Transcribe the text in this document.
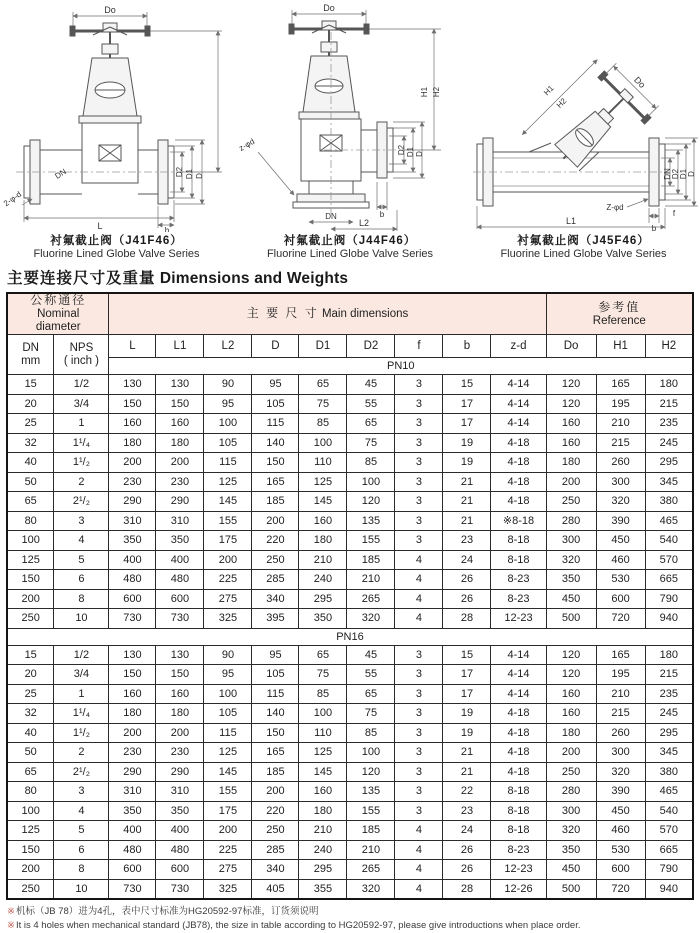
Do
D2 D1 D
DN
L	b
2-φ-d
衬氟截止阀（J41F46）
Fluorine Lined Globe Valve Series
Do
H1 H2
D2 D1 D
z-φd
DN	b
L2
衬氟截止阀（J44F46）
Fluorine Lined Globe Valve Series
Do
H1
H2
DN D2 D1 D
Z-φd
f
b
L1
衬氟截止阀（J45F46）
Fluorine Lined Globe Valve Series
主要连接尺寸及重量 Dimensions and Weights
公称通径
Nominal
diameter		主 要 尺 寸 Main dimensions									参考值
Reference		

DN
mm	NPS
( inch )	L	L1	L2	D	D1	D2	f	b	z-d	Do	H1	H2
		PN10											
15	1/2	130	130	90	95	65	45	3	15	4-14	120	165	180
20	3/4	150	150	95	105	75	55	3	17	4-14	120	195	215
25	1	160	160	100	115	85	65	3	17	4-14	160	210	235
32	1¹/₄	180	180	105	140	100	75	3	19	4-18	160	215	245
40	1¹/₂	200	200	115	150	110	85	3	19	4-18	180	260	295
50	2	230	230	125	165	125	100	3	21	4-18	200	300	345
65	2¹/₂	290	290	145	185	145	120	3	21	4-18	250	320	380
80	3	310	310	155	200	160	135	3	21	※8-18	280	390	465
100	4	350	350	175	220	180	155	3	23	8-18	300	450	540
125	5	400	400	200	250	210	185	4	24	8-18	320	460	570
150	6	480	480	225	285	240	210	4	26	8-23	350	530	665
200	8	600	600	275	340	295	265	4	26	8-23	450	600	790
250	10	730	730	325	395	350	320	4	28	12-23	500	720	940
PN16													
15	1/2	130	130	90	95	65	45	3	15	4-14	120	165	180
20	3/4	150	150	95	105	75	55	3	17	4-14	120	195	215
25	1	160	160	100	115	85	65	3	17	4-14	160	210	235
32	1¹/₄	180	180	105	140	100	75	3	19	4-18	160	215	245
40	1¹/₂	200	200	115	150	110	85	3	19	4-18	180	260	295
50	2	230	230	125	165	125	100	3	21	4-18	200	300	345
65	2¹/₂	290	290	145	185	145	120	3	21	4-18	250	320	380
80	3	310	310	155	200	160	135	3	22	8-18	280	390	465
100	4	350	350	175	220	180	155	3	23	8-18	300	450	540
125	5	400	400	200	250	210	185	4	24	8-18	320	460	570
150	6	480	480	225	285	240	210	4	26	8-23	350	530	665
200	8	600	600	275	340	295	265	4	26	12-23	450	600	790
250	10	730	730	325	405	355	320	4	28	12-26	500	720	940
※机标（JB 78）进为4孔，表中尺寸标准为HG20592-97标准，订货须说明
※It is 4 holes when mechanical standard (JB78), the size in table according to HG20592-97, please give introductions when place order.
